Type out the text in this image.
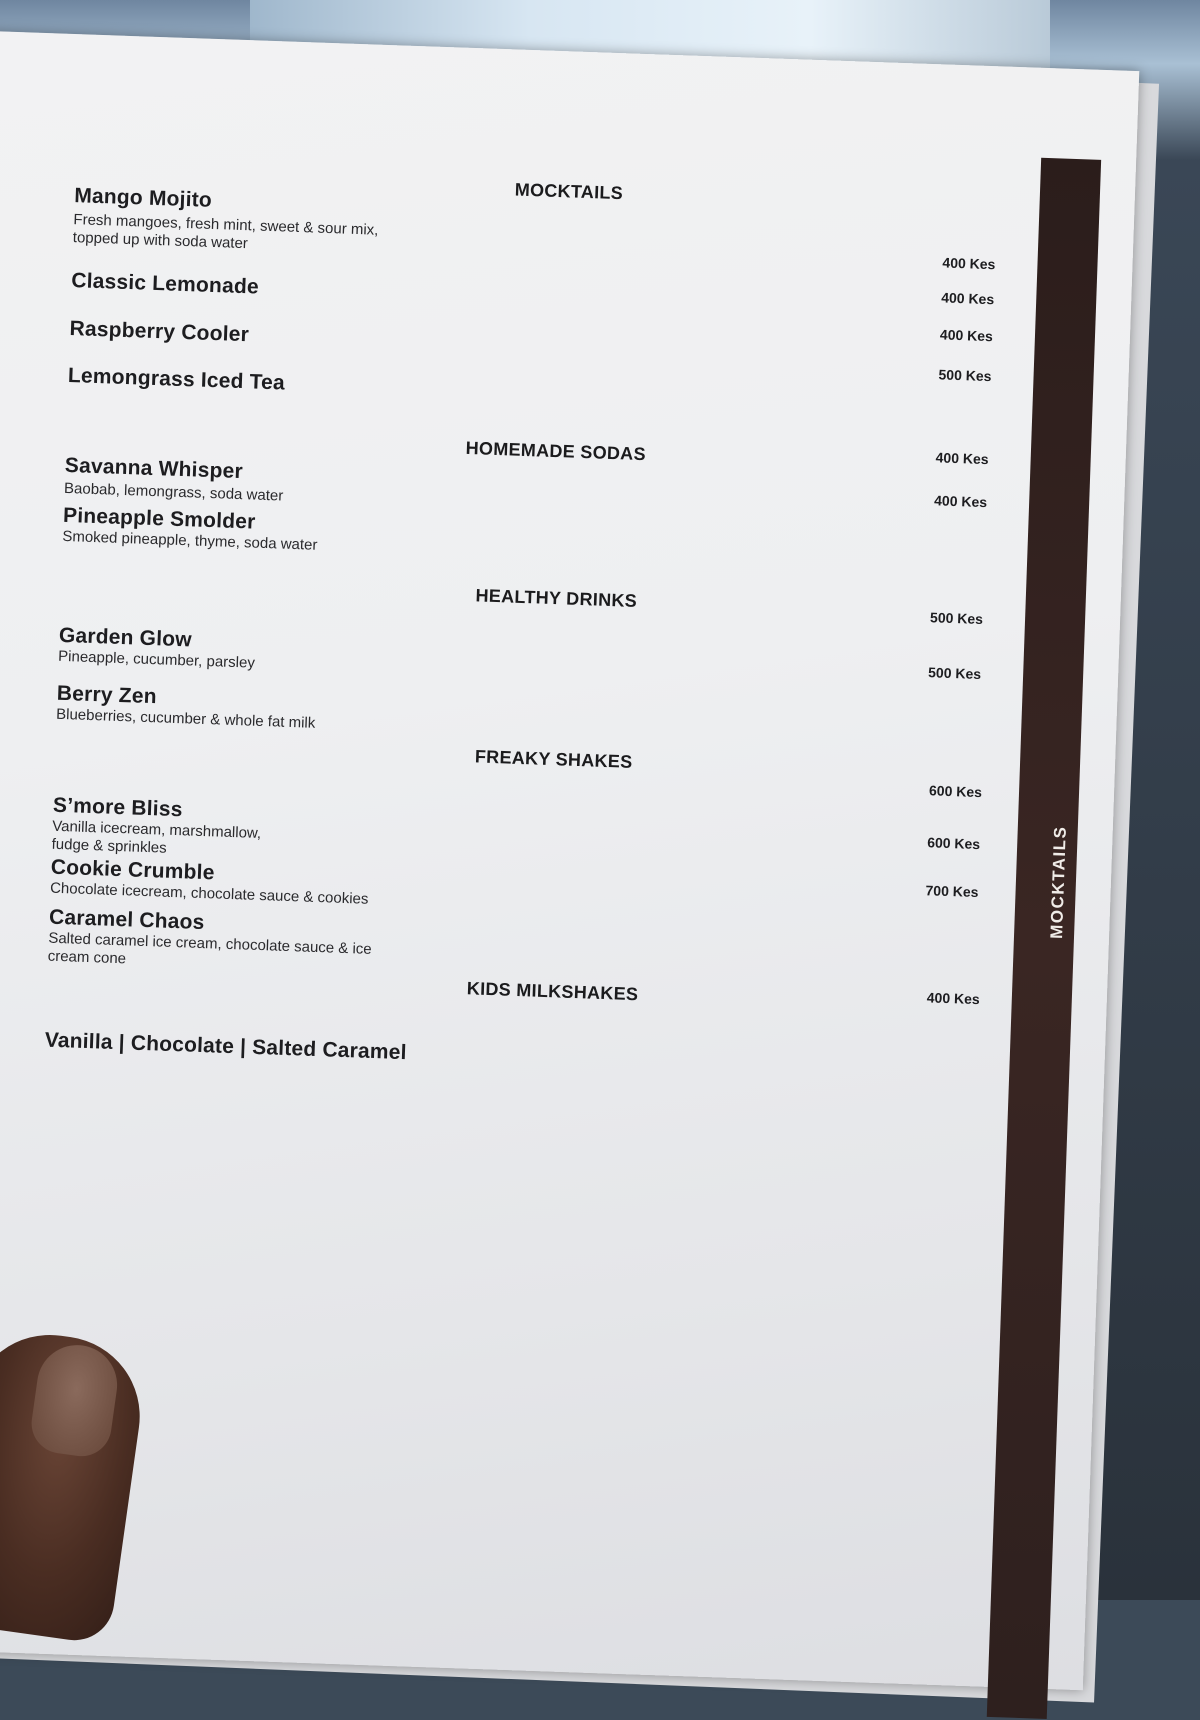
MOCKTAILS
MOCKTAILS
Mango Mojito
Fresh mangoes, fresh mint, sweet & sour mix, topped up with soda water
400 Kes
Classic Lemonade	400 Kes
Raspberry Cooler	400 Kes
Lemongrass Iced Tea	500 Kes
HOMEMADE SODAS
Savanna Whisper
Baobab, lemongrass, soda water
400 Kes
Pineapple Smolder
Smoked pineapple, thyme, soda water
400 Kes
HEALTHY DRINKS
Garden Glow
Pineapple, cucumber, parsley
500 Kes
Berry Zen
Blueberries, cucumber & whole fat milk
500 Kes
FREAKY SHAKES
S’more Bliss
Vanilla icecream, marshmallow, fudge & sprinkles
600 Kes
Cookie Crumble
Chocolate icecream, chocolate sauce & cookies
600 Kes
Caramel Chaos
Salted caramel ice cream, chocolate sauce & ice cream cone
700 Kes
KIDS MILKSHAKES
Vanilla | Chocolate | Salted Caramel
400 Kes
